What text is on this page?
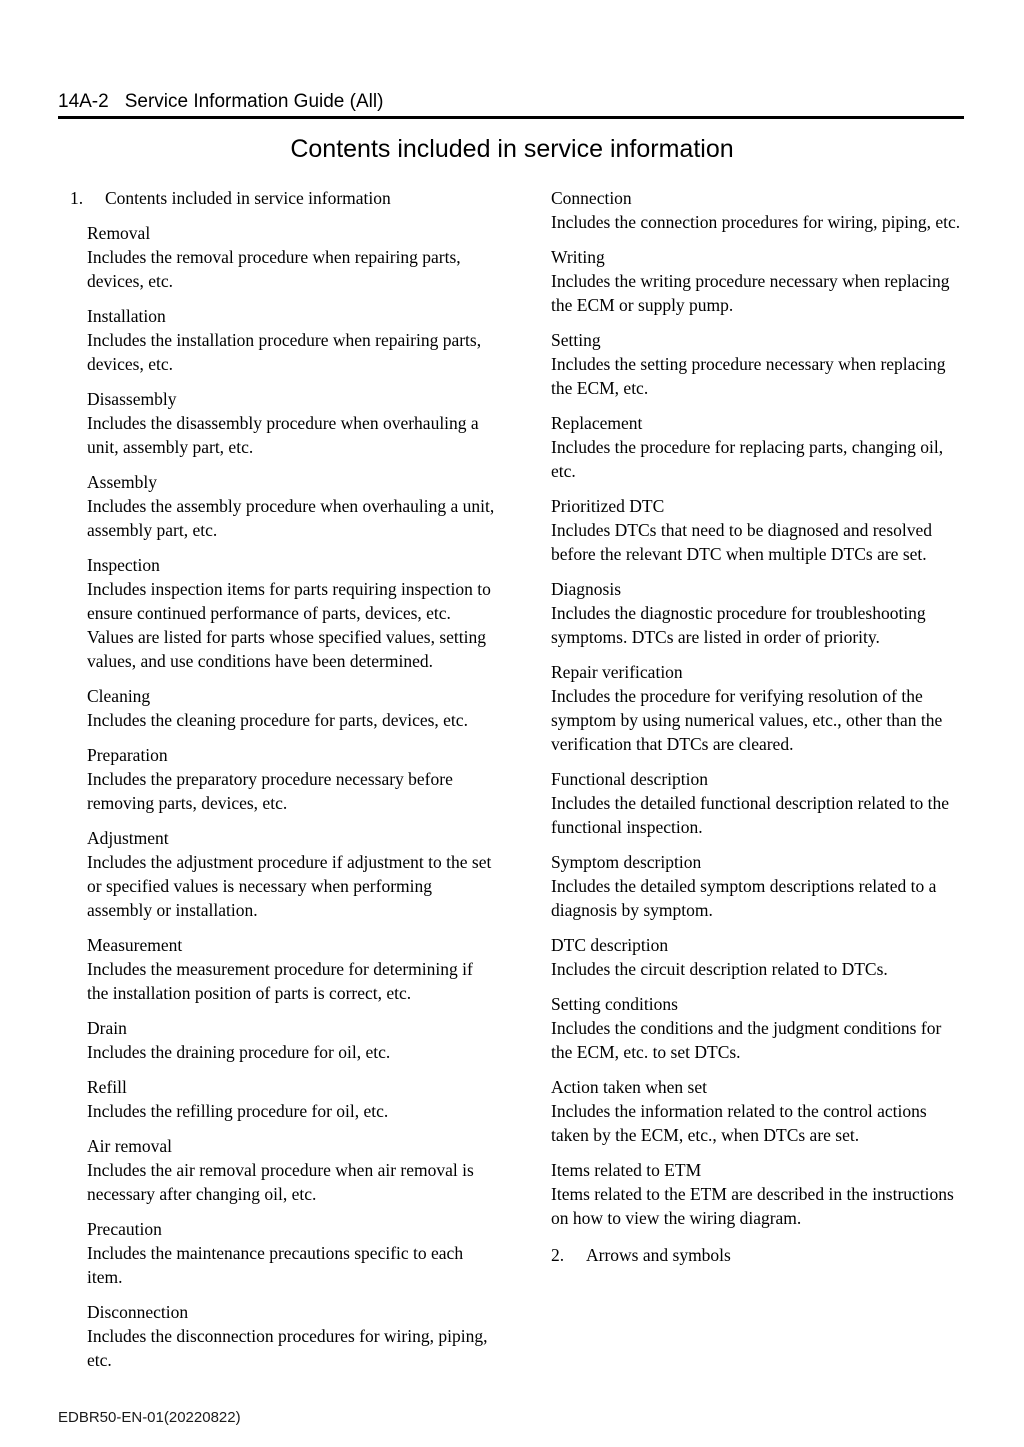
14A-2 Service Information Guide (All)
Contents included in service information
1. Contents included in service information
Removal
Includes the removal procedure when repairing parts, devices, etc.
Installation
Includes the installation procedure when repairing parts, devices, etc.
Disassembly
Includes the disassembly procedure when overhauling a unit, assembly part, etc.
Assembly
Includes the assembly procedure when overhauling a unit, assembly part, etc.
Inspection
Includes inspection items for parts requiring inspection to ensure continued performance of parts, devices, etc. Values are listed for parts whose specified values, setting values, and use conditions have been determined.
Cleaning
Includes the cleaning procedure for parts, devices, etc.
Preparation
Includes the preparatory procedure necessary before removing parts, devices, etc.
Adjustment
Includes the adjustment procedure if adjustment to the set or specified values is necessary when performing assembly or installation.
Measurement
Includes the measurement procedure for determining if the installation position of parts is correct, etc.
Drain
Includes the draining procedure for oil, etc.
Refill
Includes the refilling procedure for oil, etc.
Air removal
Includes the air removal procedure when air removal is necessary after changing oil, etc.
Precaution
Includes the maintenance precautions specific to each item.
Disconnection
Includes the disconnection procedures for wiring, piping, etc.
Connection
Includes the connection procedures for wiring, piping, etc.
Writing
Includes the writing procedure necessary when replacing the ECM or supply pump.
Setting
Includes the setting procedure necessary when replacing the ECM, etc.
Replacement
Includes the procedure for replacing parts, changing oil, etc.
Prioritized DTC
Includes DTCs that need to be diagnosed and resolved before the relevant DTC when multiple DTCs are set.
Diagnosis
Includes the diagnostic procedure for troubleshooting symptoms. DTCs are listed in order of priority.
Repair verification
Includes the procedure for verifying resolution of the symptom by using numerical values, etc., other than the verification that DTCs are cleared.
Functional description
Includes the detailed functional description related to the functional inspection.
Symptom description
Includes the detailed symptom descriptions related to a diagnosis by symptom.
DTC description
Includes the circuit description related to DTCs.
Setting conditions
Includes the conditions and the judgment conditions for the ECM, etc. to set DTCs.
Action taken when set
Includes the information related to the control actions taken by the ECM, etc., when DTCs are set.
Items related to ETM
Items related to the ETM are described in the instructions on how to view the wiring diagram.
2. Arrows and symbols
EDBR50-EN-01(20220822)
